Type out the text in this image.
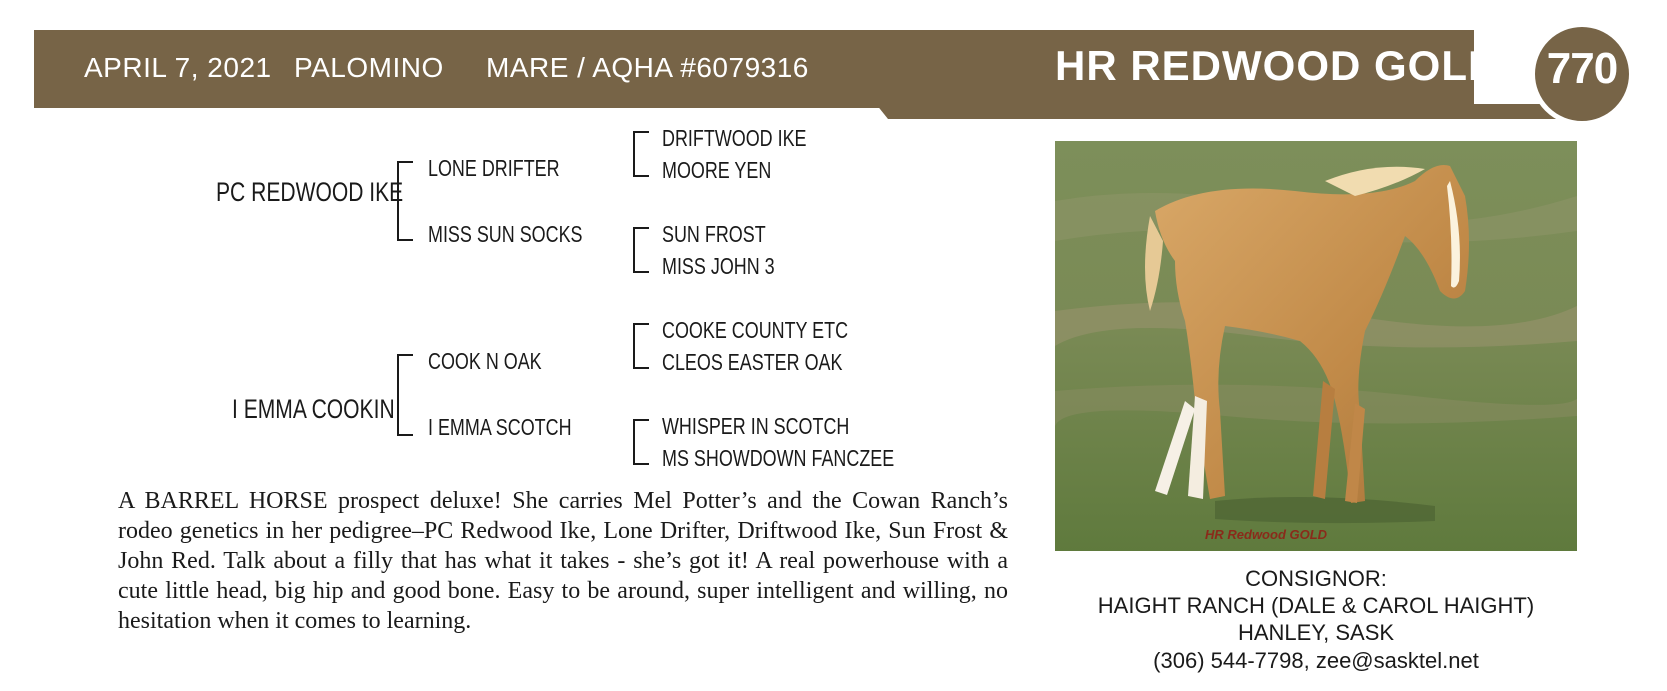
APRIL 7, 2021 PALOMINO MARE / AQHA #6079316	HR REDWOOD GOLD	770
PC REDWOOD IKE
LONE DRIFTER
MISS SUN SOCKS
DRIFTWOOD IKE
MOORE YEN
SUN FROST
MISS JOHN 3
I EMMA COOKIN
COOK N OAK
I EMMA SCOTCH
COOKE COUNTY ETC
CLEOS EASTER OAK
WHISPER IN SCOTCH
MS SHOWDOWN FANCZEE

A BARREL HORSE prospect deluxe! She carries Mel Potter’s and the Cowan Ranch’s rodeo genetics in her pedigree–PC Redwood Ike, Lone Drifter, Driftwood Ike, Sun Frost & John Red. Talk about a filly that has what it takes - she’s got it! A real powerhouse with a cute little head, big hip and good bone. Easy to be around, super intelligent and willing, no hesitation when it comes to learning.

HR Redwood GOLD
CONSIGNOR:
HAIGHT RANCH (DALE & CAROL HAIGHT)
HANLEY, SASK
(306) 544-7798, zee@sasktel.net
